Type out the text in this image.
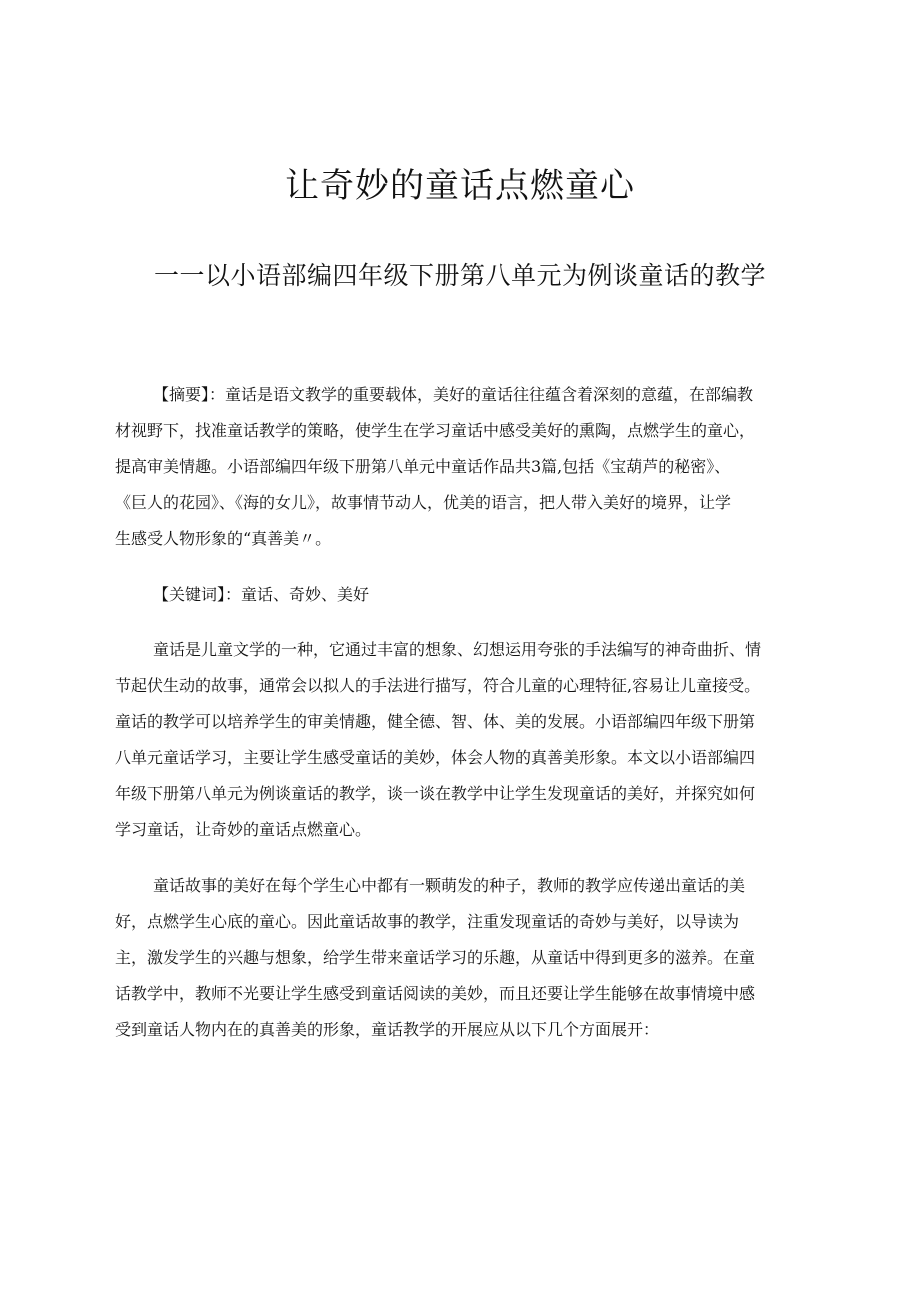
让奇妙的童话点燃童心
一一以小语部编四年级下册第八单元为例谈童话的教学
【摘要】：童话是语文教学的重要载体，美好的童话往往蕴含着深刻的意蕴，在部编教
材视野下，找准童话教学的策略，使学生在学习童话中感受美好的熏陶，点燃学生的童心，
提高审美情趣。小语部编四年级下册第八单元中童话作品共3篇,包括《宝葫芦的秘密》、
《巨人的花园》、《海的女儿》，故事情节动人，优美的语言，把人带入美好的境界，让学
生感受人物形象的“真善美〃。
【关键词】：童话、奇妙、美好
童话是儿童文学的一种，它通过丰富的想象、幻想运用夸张的手法编写的神奇曲折、情
节起伏生动的故事，通常会以拟人的手法进行描写，符合儿童的心理特征,容易让儿童接受。
童话的教学可以培养学生的审美情趣，健全德、智、体、美的发展。小语部编四年级下册第
八单元童话学习，主要让学生感受童话的美妙，体会人物的真善美形象。本文以小语部编四
年级下册第八单元为例谈童话的教学，谈一谈在教学中让学生发现童话的美好，并探究如何
学习童话，让奇妙的童话点燃童心。
童话故事的美好在每个学生心中都有一颗萌发的种子，教师的教学应传递出童话的美
好，点燃学生心底的童心。因此童话故事的教学，注重发现童话的奇妙与美好，以导读为
主，激发学生的兴趣与想象，给学生带来童话学习的乐趣，从童话中得到更多的滋养。在童
话教学中，教师不光要让学生感受到童话阅读的美妙，而且还要让学生能够在故事情境中感
受到童话人物内在的真善美的形象，童话教学的开展应从以下几个方面展开：
